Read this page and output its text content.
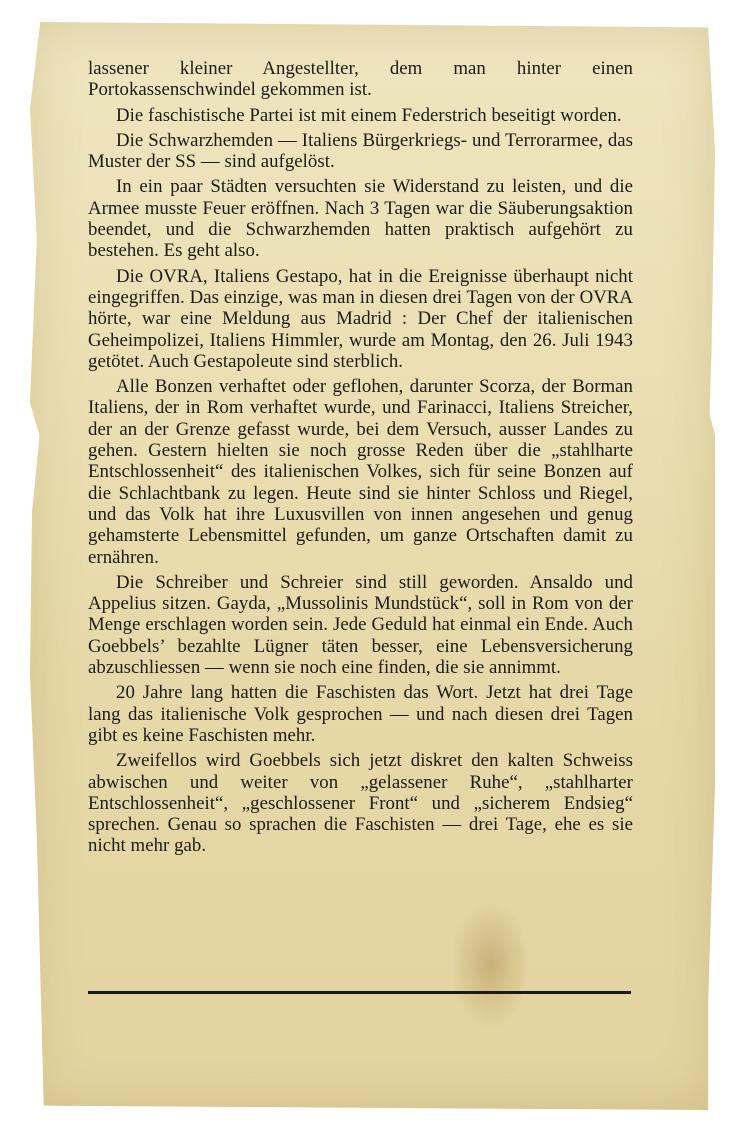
lassener kleiner Angestellter, dem man hinter einen Portokassenschwindel gekommen ist.

Die faschistische Partei ist mit einem Federstrich beseitigt worden.

Die Schwarzhemden — Italiens Bürgerkriegs- und Terrorarmee, das Muster der SS — sind aufgelöst.

In ein paar Städten versuchten sie Widerstand zu leisten, und die Armee musste Feuer eröffnen. Nach 3 Tagen war die Säuberungsaktion beendet, und die Schwarzhemden hatten praktisch aufgehört zu bestehen. Es geht also.

Die OVRA, Italiens Gestapo, hat in die Ereignisse überhaupt nicht eingegriffen. Das einzige, was man in diesen drei Tagen von der OVRA hörte, war eine Meldung aus Madrid : Der Chef der italienischen Geheimpolizei, Italiens Himmler, wurde am Montag, den 26. Juli 1943 getötet. Auch Gestapoleute sind sterblich.

Alle Bonzen verhaftet oder geflohen, darunter Scorza, der Borman Italiens, der in Rom verhaftet wurde, und Farinacci, Italiens Streicher, der an der Grenze gefasst wurde, bei dem Versuch, ausser Landes zu gehen. Gestern hielten sie noch grosse Reden über die „stahlharte Entschlossenheit“ des italienischen Volkes, sich für seine Bonzen auf die Schlachtbank zu legen. Heute sind sie hinter Schloss und Riegel, und das Volk hat ihre Luxusvillen von innen angesehen und genug gehamsterte Lebensmittel gefunden, um ganze Ortschaften damit zu ernähren.

Die Schreiber und Schreier sind still geworden. Ansaldo und Appelius sitzen. Gayda, „Mussolinis Mundstück“, soll in Rom von der Menge erschlagen worden sein. Jede Geduld hat einmal ein Ende. Auch Goebbels’ bezahlte Lügner täten besser, eine Lebensversicherung abzuschliessen — wenn sie noch eine finden, die sie annimmt.

20 Jahre lang hatten die Faschisten das Wort. Jetzt hat drei Tage lang das italienische Volk gesprochen — und nach diesen drei Tagen gibt es keine Faschisten mehr.

Zweifellos wird Goebbels sich jetzt diskret den kalten Schweiss abwischen und weiter von „gelassener Ruhe“, „stahlharter Entschlossenheit“, „geschlossener Front“ und „sicherem Endsieg“ sprechen. Genau so sprachen die Faschisten — drei Tage, ehe es sie nicht mehr gab.
